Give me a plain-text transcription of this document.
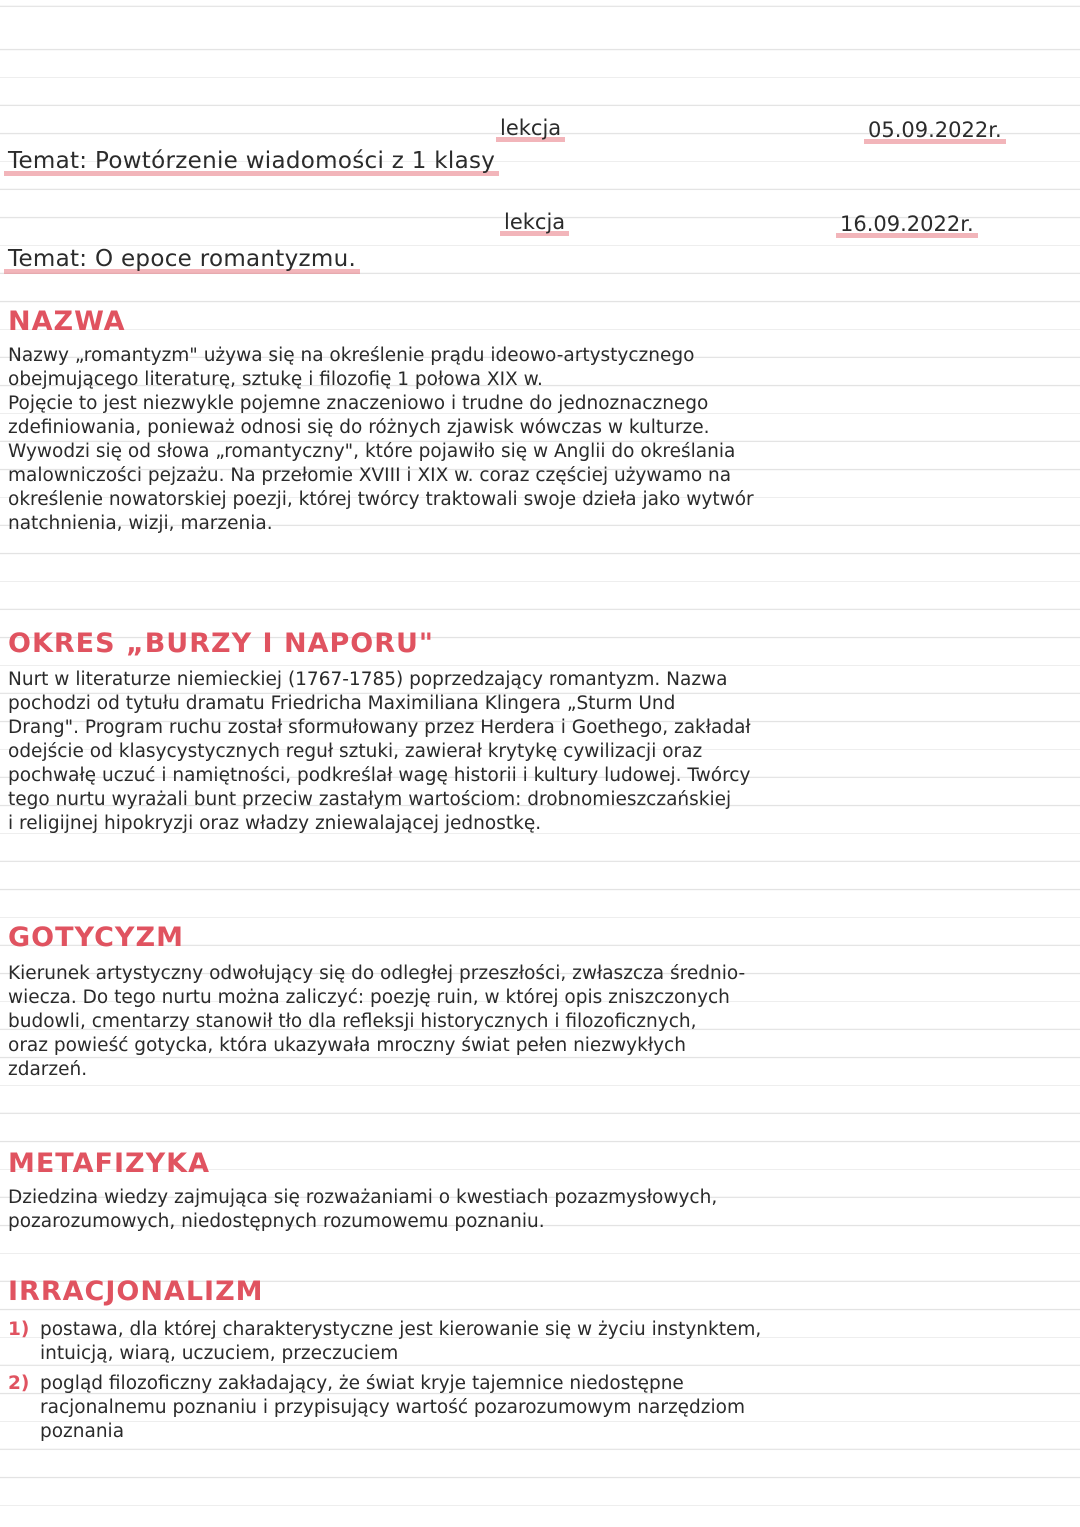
lekcja	05.09.2022r.
Temat: Powtórzenie wiadomości z 1 klasy
lekcja	16.09.2022r.
Temat: O epoce romantyzmu.
NAZWA
Nazwy „romantyzm" używa się na określenie prądu ideowo-artystycznego
obejmującego literaturę, sztukę i filozofię 1 połowa XIX w.
Pojęcie to jest niezwykle pojemne znaczeniowo i trudne do jednoznacznego
zdefiniowania, ponieważ odnosi się do różnych zjawisk wówczas w kulturze.
Wywodzi się od słowa „romantyczny", które pojawiło się w Anglii do określania
malowniczości pejzażu. Na przełomie XVIII i XIX w. coraz częściej używamo na
określenie nowatorskiej poezji, której twórcy traktowali swoje dzieła jako wytwór
natchnienia, wizji, marzenia.
OKRES „BURZY I NAPORU"
Nurt w literaturze niemieckiej (1767-1785) poprzedzający romantyzm. Nazwa
pochodzi od tytułu dramatu Friedricha Maximiliana Klingera „Sturm Und
Drang". Program ruchu został sformułowany przez Herdera i Goethego, zakładał
odejście od klasycystycznych reguł sztuki, zawierał krytykę cywilizacji oraz
pochwałę uczuć i namiętności, podkreślał wagę historii i kultury ludowej. Twórcy
tego nurtu wyrażali bunt przeciw zastałym wartościom: drobnomieszczańskiej
i religijnej hipokryzji oraz władzy zniewalającej jednostkę.
GOTYCYZM
Kierunek artystyczny odwołujący się do odległej przeszłości, zwłaszcza średnio-
wiecza. Do tego nurtu można zaliczyć: poezję ruin, w której opis zniszczonych
budowli, cmentarzy stanowił tło dla refleksji historycznych i filozoficznych,
oraz powieść gotycka, która ukazywała mroczny świat pełen niezwykłych
zdarzeń.
METAFIZYKA
Dziedzina wiedzy zajmująca się rozważaniami o kwestiach pozazmysłowych,
pozarozumowych, niedostępnych rozumowemu poznaniu.
IRRACJONALIZM
1) postawa, dla której charakterystyczne jest kierowanie się w życiu instynktem,
intuicją, wiarą, uczuciem, przeczuciem
2) pogląd filozoficzny zakładający, że świat kryje tajemnice niedostępne
racjonalnemu poznaniu i przypisujący wartość pozarozumowym narzędziom
poznania
